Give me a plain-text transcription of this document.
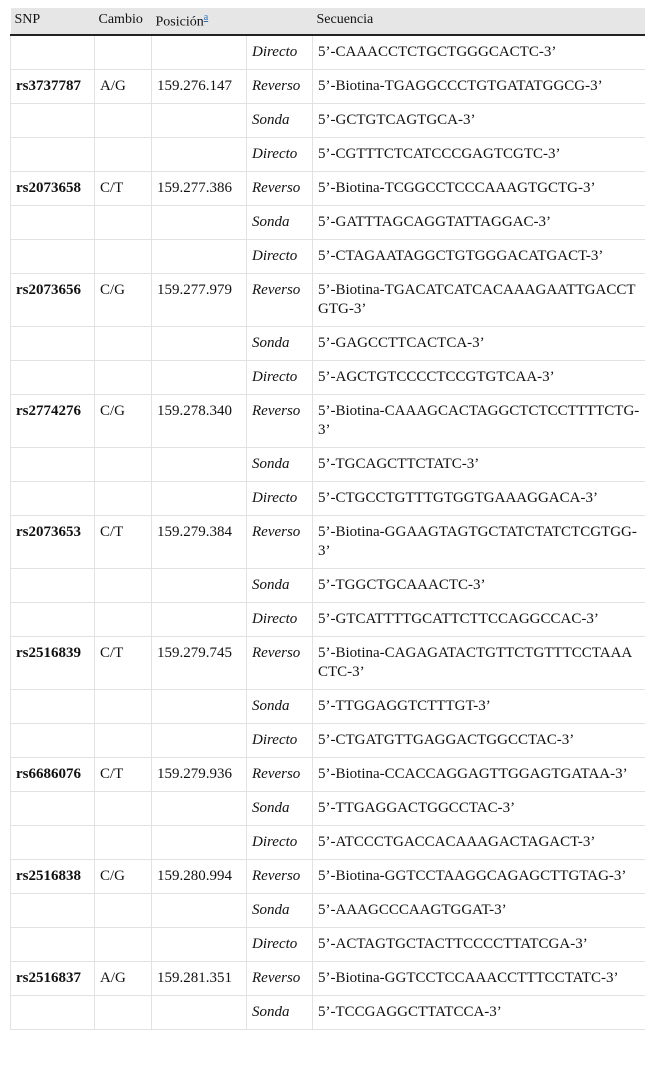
SNP	Cambio	Posición$^a$		Secuencia
			Directo	5’-CAAACCTCTGCTGGGCACTC-3’
rs3737787	A/G	159.276.147	Reverso	5’-Biotina-TGAGGCCCTGTGATATGGCG-3’
			Sonda	5’-GCTGTCAGTGCA-3’
			Directo	5’-CGTTTCTCATCCCGAGTCGTC-3’
rs2073658	C/T	159.277.386	Reverso	5’-Biotina-TCGGCCTCCCAAAGTGCTG-3’
			Sonda	5’-GATTTAGCAGGTATTAGGAC-3’
			Directo	5’-CTAGAATAGGCTGTGGGACATGACT-3’
rs2073656	C/G	159.277.979	Reverso	5’-Biotina-TGACATCATCACAAAGAATTGACCTGTG-3’
			Sonda	5’-GAGCCTTCACTCA-3’
			Directo	5’-AGCTGTCCCCTCCGTGTCAA-3’
rs2774276	C/G	159.278.340	Reverso	5’-Biotina-CAAAGCACTAGGCTCTCCTTTTCTG-3’
			Sonda	5’-TGCAGCTTCTATC-3’
			Directo	5’-CTGCCTGTTTGTGGTGAAAGGACA-3’
rs2073653	C/T	159.279.384	Reverso	5’-Biotina-GGAAGTAGTGCTATCTATCTCGTGG-3’
			Sonda	5’-TGGCTGCAAACTC-3’
			Directo	5’-GTCATTTTGCATTCTTCCAGGCCAC-3’
rs2516839	C/T	159.279.745	Reverso	5’-Biotina-CAGAGATACTGTTCTGTTTCCTAAACTC-3’
			Sonda	5’-TTGGAGGTCTTTGT-3’
			Directo	5’-CTGATGTTGAGGACTGGCCTAC-3’
rs6686076	C/T	159.279.936	Reverso	5’-Biotina-CCACCAGGAGTTGGAGTGATAA-3’
			Sonda	5’-TTGAGGACTGGCCTAC-3’
			Directo	5’-ATCCCTGACCACAAAGACTAGACT-3’
rs2516838	C/G	159.280.994	Reverso	5’-Biotina-GGTCCTAAGGCAGAGCTTGTAG-3’
			Sonda	5’-AAAGCCCAAGTGGAT-3’
			Directo	5’-ACTAGTGCTACTTCCCCTTATCGA-3’
rs2516837	A/G	159.281.351	Reverso	5’-Biotina-GGTCCTCCAAACCTTTCCTATC-3’
			Sonda	5’-TCCGAGGCTTATCCA-3’
